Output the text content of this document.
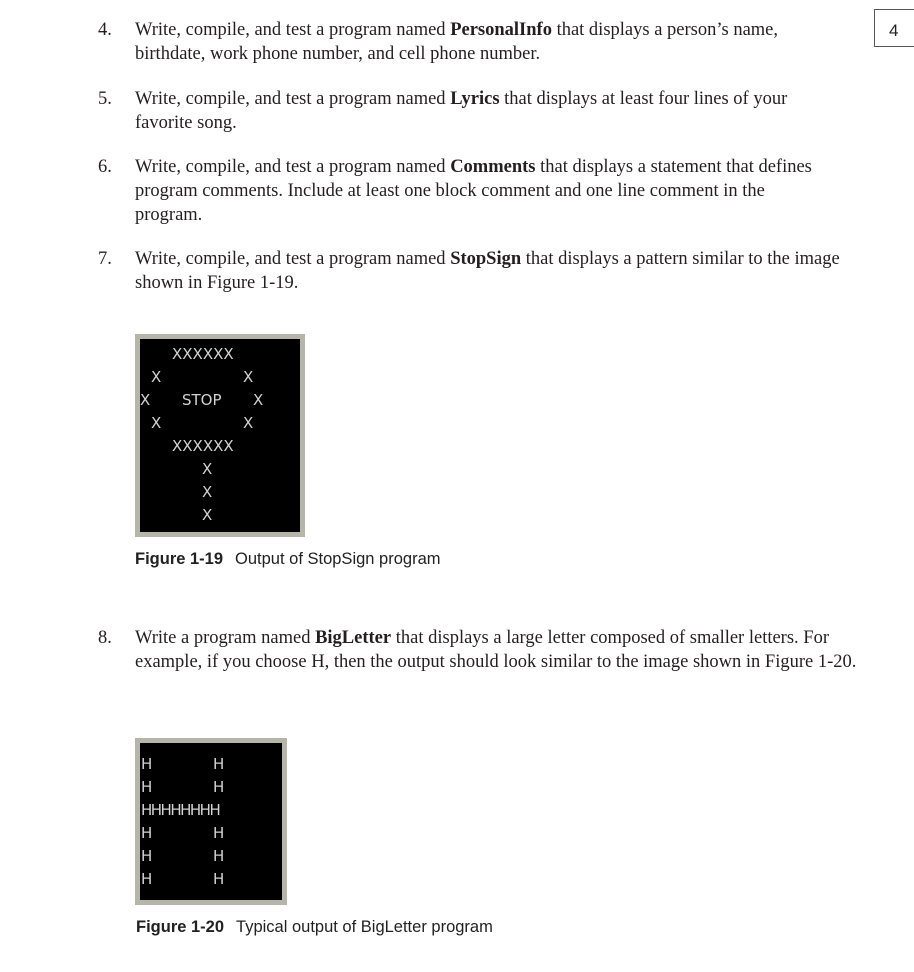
4
4. Write, compile, and test a program named PersonalInfo that displays a person’s name, birthdate, work phone number, and cell phone number.
5. Write, compile, and test a program named Lyrics that displays at least four lines of your favorite song.
6. Write, compile, and test a program named Comments that displays a statement that defines program comments. Include at least one block comment and one line comment in the program.
7. Write, compile, and test a program named StopSign that displays a pattern similar to the image shown in Figure 1-19.
XXXXXX
X	X
X STOP X
X	X
XXXXXX
X
X
X
Figure 1-19 Output of StopSign program
8. Write a program named BigLetter that displays a large letter composed of smaller letters. For example, if you choose H, then the output should look similar to the image shown in Figure 1-20.
H	H
H	H
HHHHHHHH
H	H
H	H
H	H
Figure 1-20 Typical output of BigLetter program
